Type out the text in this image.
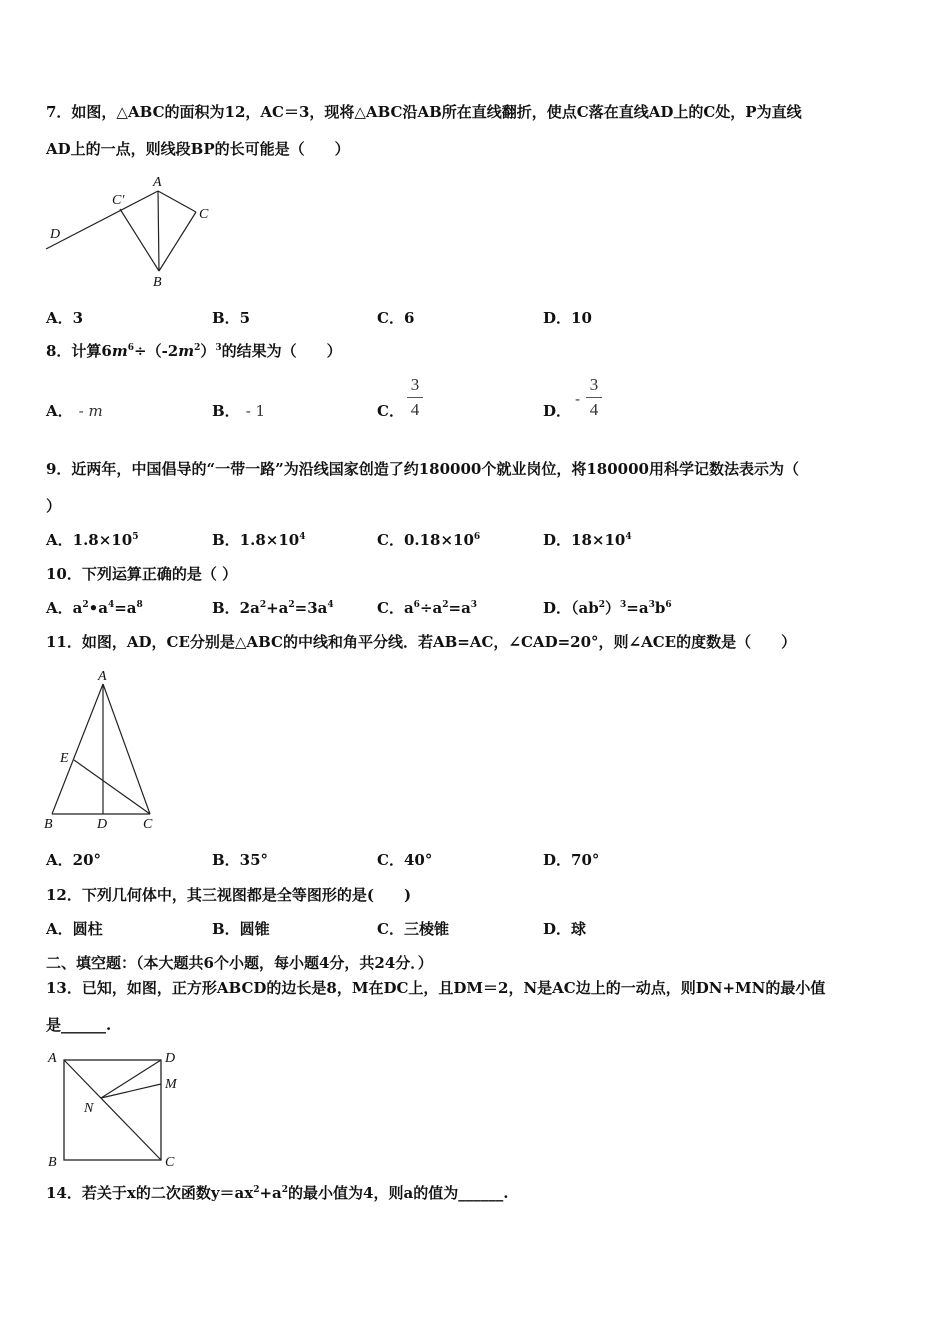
7．如图，△ABC的面积为12，AC＝3，现将△ABC沿AB所在直线翻折，使点C落在直线AD上的C处，P为直线
AD上的一点，则线段BP的长可能是（　　）
A
C′
C
D
B
A．3	B．5	C．6	D．10
8．计算$6m^6\div(-2m^2)^3$的结果为（　　）
A． - m	B． - 1	C．
3
4	D．
-
3
4
9．近两年，中国倡导的“一带一路”为沿线国家创造了约180000个就业岗位，将180000用科学记数法表示为（
）
A．$1.8\times 10^5$	B．$1.8\times 10^4$	C．$0.18\times 10^6$	D．$18\times 10^4$
10．下列运算正确的是（ ）
A．$a^2•a^4=a^8$	B．$2a^2+a^2=3a^4$	C．$a^6\div a^2=a^3$	D．$(ab^2)^3=a^3b^6$
11．如图，AD，CE分别是△ABC的中线和角平分线．若AB=AC，∠CAD=20°，则∠ACE的度数是（　　）
A
E
B	D	C
A．20°	B．35°	C．40°	D．70°
12．下列几何体中，其三视图都是全等图形的是(　　)
A．圆柱	B．圆锥	C．三棱锥	D．球
二、填空题：（本大题共6个小题，每小题4分，共24分．）
13．已知，如图，正方形ABCD的边长是8，M在DC上，且DM＝2，N是AC边上的一动点，则DN+MN的最小值
是______.
A	D
M
N
B	C
14．若关于x的二次函数$y=ax^2+a^2$的最小值为4，则a的值为______.
